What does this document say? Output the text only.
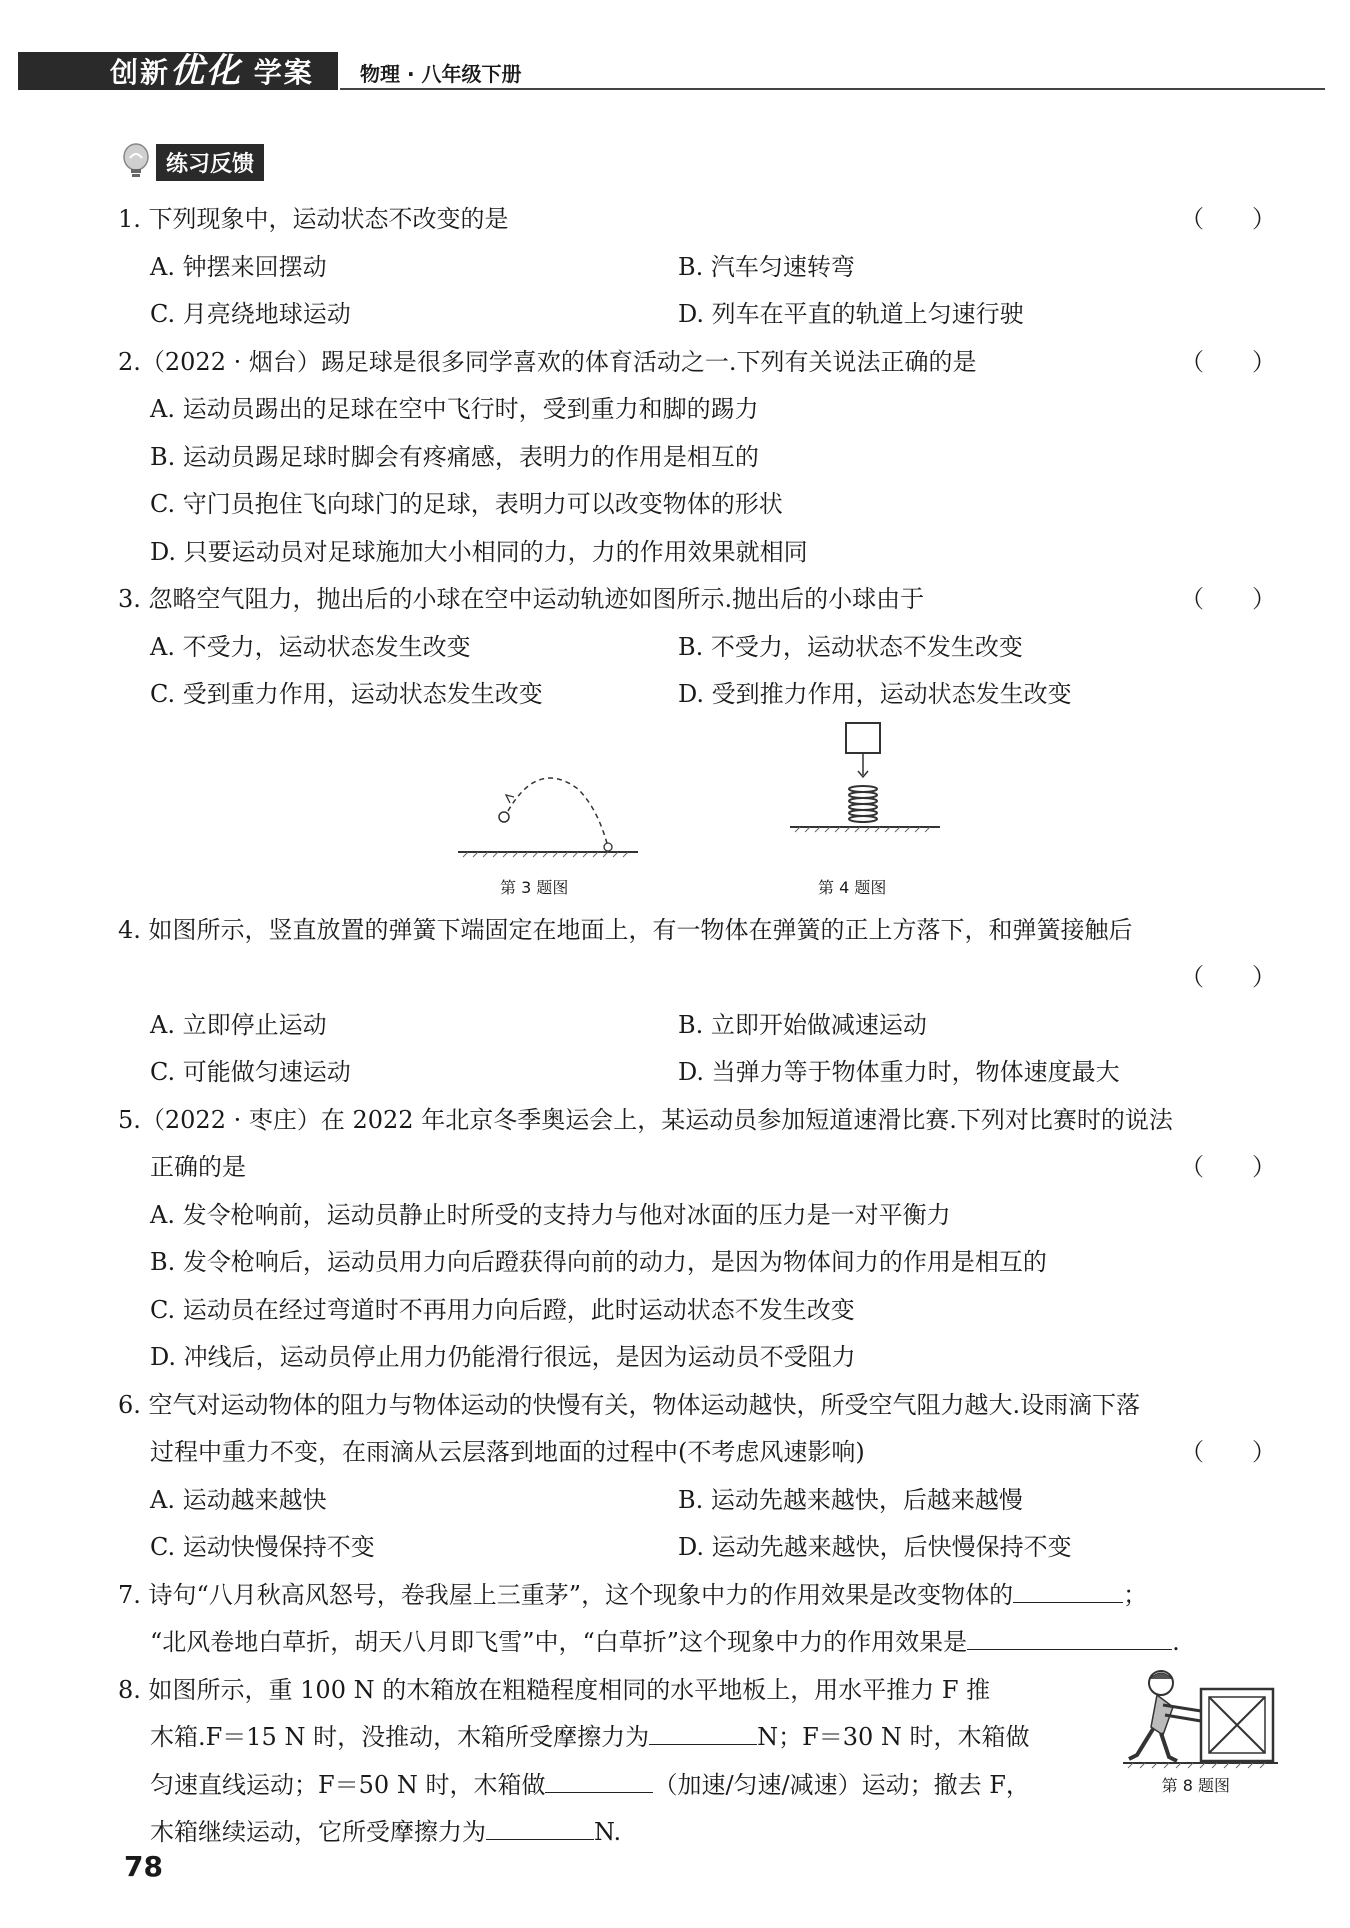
创新优化 学案 物理 · 八年级下册
练习反馈
1. 下列现象中，运动状态不改变的是	（　　）
A. 钟摆来回摆动	B. 汽车匀速转弯
C. 月亮绕地球运动	D. 列车在平直的轨道上匀速行驶
2.（2022 · 烟台）踢足球是很多同学喜欢的体育活动之一.下列有关说法正确的是	（　　）
A. 运动员踢出的足球在空中飞行时，受到重力和脚的踢力
B. 运动员踢足球时脚会有疼痛感，表明力的作用是相互的
C. 守门员抱住飞向球门的足球，表明力可以改变物体的形状
D. 只要运动员对足球施加大小相同的力，力的作用效果就相同
3. 忽略空气阻力，抛出后的小球在空中运动轨迹如图所示.抛出后的小球由于	（　　）
A. 不受力，运动状态发生改变	B. 不受力，运动状态不发生改变
C. 受到重力作用，运动状态发生改变	D. 受到推力作用，运动状态发生改变
第 3 题图	第 4 题图
4. 如图所示，竖直放置的弹簧下端固定在地面上，有一物体在弹簧的正上方落下，和弹簧接触后
（　　）
A. 立即停止运动	B. 立即开始做减速运动
C. 可能做匀速运动	D. 当弹力等于物体重力时，物体速度最大
5.（2022 · 枣庄）在 2022 年北京冬季奥运会上，某运动员参加短道速滑比赛.下列对比赛时的说法
正确的是	（　　）
A. 发令枪响前，运动员静止时所受的支持力与他对冰面的压力是一对平衡力
B. 发令枪响后，运动员用力向后蹬获得向前的动力，是因为物体间力的作用是相互的
C. 运动员在经过弯道时不再用力向后蹬，此时运动状态不发生改变
D. 冲线后，运动员停止用力仍能滑行很远，是因为运动员不受阻力
6. 空气对运动物体的阻力与物体运动的快慢有关，物体运动越快，所受空气阻力越大.设雨滴下落
过程中重力不变，在雨滴从云层落到地面的过程中(不考虑风速影响)	（　　）
A. 运动越来越快	B. 运动先越来越快，后越来越慢
C. 运动快慢保持不变	D. 运动先越来越快，后快慢保持不变
7. 诗句“八月秋高风怒号，卷我屋上三重茅”，这个现象中力的作用效果是改变物体的	；
“北风卷地白草折，胡天八月即飞雪”中，“白草折”这个现象中力的作用效果是	.
8. 如图所示，重 100 N 的木箱放在粗糙程度相同的水平地板上，用水平推力 F 推
木箱.F＝15 N 时，没推动，木箱所受摩擦力为	N；F＝30 N 时，木箱做
匀速直线运动；F＝50 N 时，木箱做	（加速/匀速/减速）运动；撤去 F，
木箱继续运动，它所受摩擦力为	N.
第 8 题图
78
